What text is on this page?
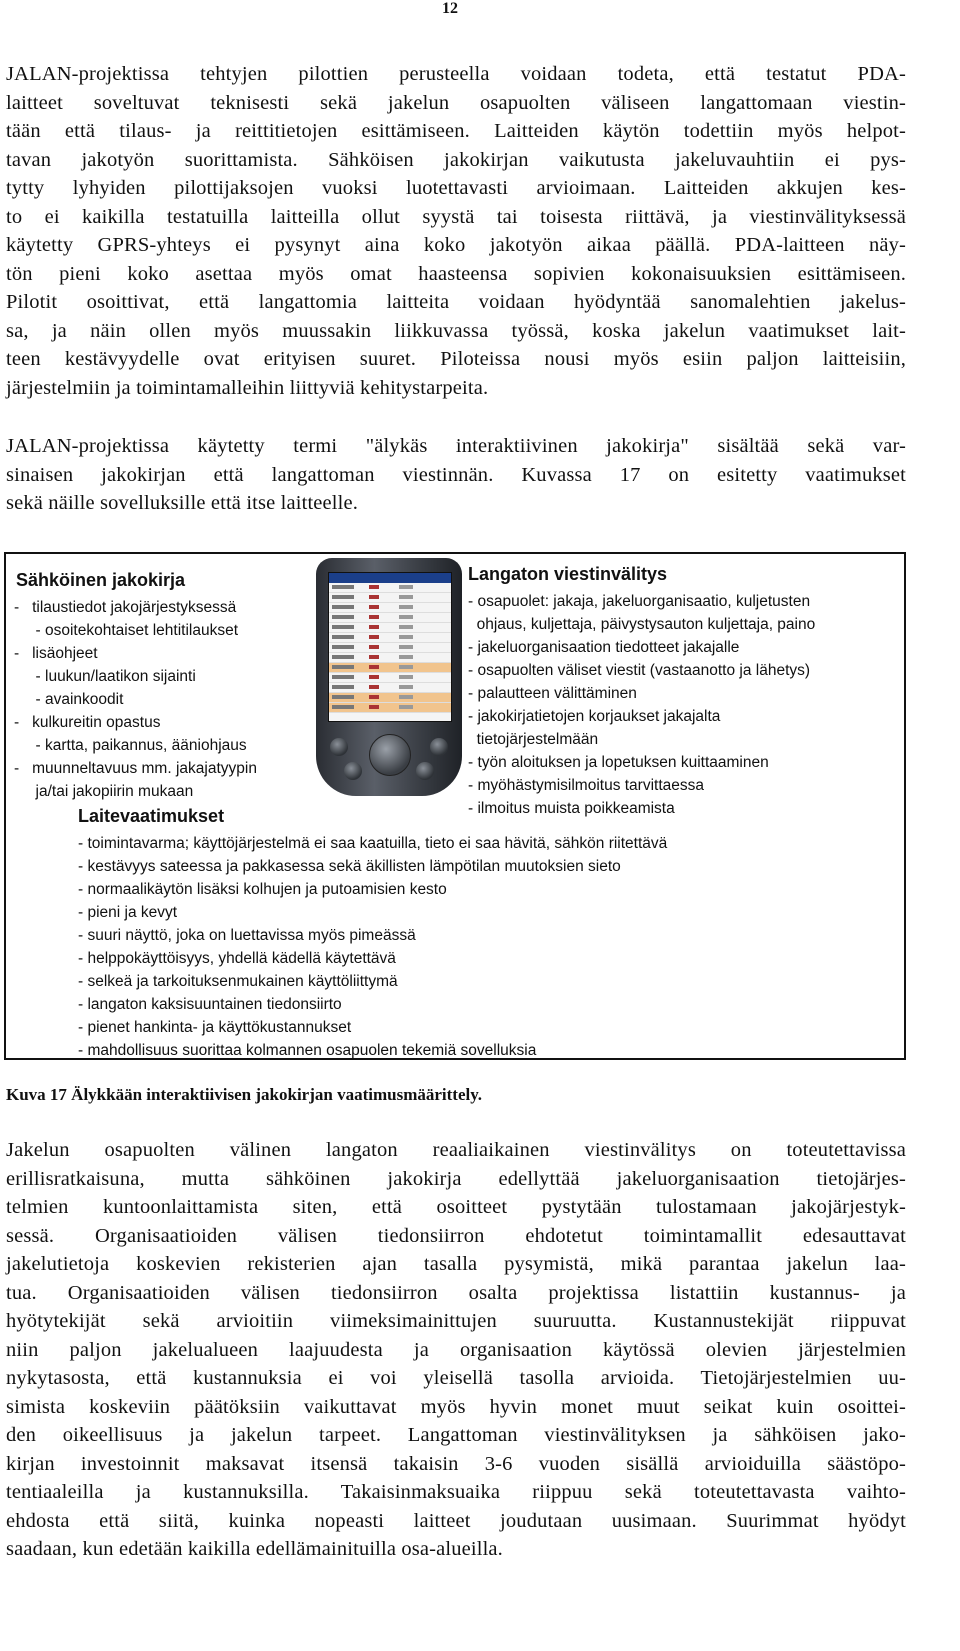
12
JALAN-projektissa tehtyjen pilottien perusteella voidaan todeta, että testatut PDA-
laitteet soveltuvat teknisesti sekä jakelun osapuolten väliseen langattomaan viestin-
tään että tilaus- ja reittitietojen esittämiseen. Laitteiden käytön todettiin myös helpot-
tavan jakotyön suorittamista. Sähköisen jakokirjan vaikutusta jakeluvauhtiin ei pys-
tytty lyhyiden pilottijaksojen vuoksi luotettavasti arvioimaan. Laitteiden akkujen kes-
to ei kaikilla testatuilla laitteilla ollut syystä tai toisesta riittävä, ja viestinvälityksessä
käytetty GPRS-yhteys ei pysynyt aina koko jakotyön aikaa päällä. PDA-laitteen näy-
tön pieni koko asettaa myös omat haasteensa sopivien kokonaisuuksien esittämiseen.
Pilotit osoittivat, että langattomia laitteita voidaan hyödyntää sanomalehtien jakelus-
sa, ja näin ollen myös muussakin liikkuvassa työssä, koska jakelun vaatimukset lait-
teen kestävyydelle ovat erityisen suuret. Piloteissa nousi myös esiin paljon laitteisiin,
järjestelmiin ja toimintamalleihin liittyviä kehitystarpeita.
JALAN-projektissa käytetty termi "älykäs interaktiivinen jakokirja" sisältää sekä var-
sinaisen jakokirjan että langattoman viestinnän. Kuvassa 17 on esitetty vaatimukset
sekä näille sovelluksille että itse laitteelle.
Sähköinen jakokirja
-   tilaustiedot jakojärjestyksessä
- osoitekohtaiset lehtitilaukset
-   lisäohjeet
- luukun/laatikon sijainti
- avainkoodit
-   kulkureitin opastus
- kartta, paikannus, ääniohjaus
-   muunneltavuus mm. jakajatyypin
ja/tai jakopiirin mukaan
Langaton viestinvälitys
- osapuolet: jakaja, jakeluorganisaatio, kuljetusten
ohjaus, kuljettaja, päivystysauton kuljettaja, paino
- jakeluorganisaation tiedotteet jakajalle
- osapuolten väliset viestit (vastaanotto ja lähetys)
- palautteen välittäminen
- jakokirjatietojen korjaukset jakajalta
tietojärjestelmään
- työn aloituksen ja lopetuksen kuittaaminen
- myöhästymisilmoitus tarvittaessa
- ilmoitus muista poikkeamista
Laitevaatimukset
- toimintavarma; käyttöjärjestelmä ei saa kaatuilla, tieto ei saa hävitä, sähkön riitettävä
- kestävyys sateessa ja pakkasessa sekä äkillisten lämpötilan muutoksien sieto
- normaalikäytön lisäksi kolhujen ja putoamisien kesto
- pieni ja kevyt
- suuri näyttö, joka on luettavissa myös pimeässä
- helppokäyttöisyys, yhdellä kädellä käytettävä
- selkeä ja tarkoituksenmukainen käyttöliittymä
- langaton kaksisuuntainen tiedonsiirto
- pienet hankinta- ja käyttökustannukset
- mahdollisuus suorittaa kolmannen osapuolen tekemiä sovelluksia
Kuva 17 Älykkään interaktiivisen jakokirjan vaatimusmäärittely.
Jakelun osapuolten välinen langaton reaaliaikainen viestinvälitys on toteutettavissa
erillisratkaisuna, mutta sähköinen jakokirja edellyttää jakeluorganisaation tietojärjes-
telmien kuntoonlaittamista siten, että osoitteet pystytään tulostamaan jakojärjestyk-
sessä. Organisaatioiden välisen tiedonsiirron ehdotetut toimintamallit edesauttavat
jakelutietoja koskevien rekisterien ajan tasalla pysymistä, mikä parantaa jakelun laa-
tua. Organisaatioiden välisen tiedonsiirron osalta projektissa listattiin kustannus- ja
hyötytekijät sekä arvioitiin viimeksimainittujen suuruutta. Kustannustekijät riippuvat
niin paljon jakelualueen laajuudesta ja organisaation käytössä olevien järjestelmien
nykytasosta, että kustannuksia ei voi yleisellä tasolla arvioida. Tietojärjestelmien uu-
simista koskeviin päätöksiin vaikuttavat myös hyvin monet muut seikat kuin osoittei-
den oikeellisuus ja jakelun tarpeet. Langattoman viestinvälityksen ja sähköisen jako-
kirjan investoinnit maksavat itsensä takaisin 3-6 vuoden sisällä arvioiduilla säästöpo-
tentiaaleilla ja kustannuksilla. Takaisinmaksuaika riippuu sekä toteutettavasta vaihto-
ehdosta että siitä, kuinka nopeasti laitteet joudutaan uusimaan. Suurimmat hyödyt
saadaan, kun edetään kaikilla edellämainituilla osa-alueilla.
